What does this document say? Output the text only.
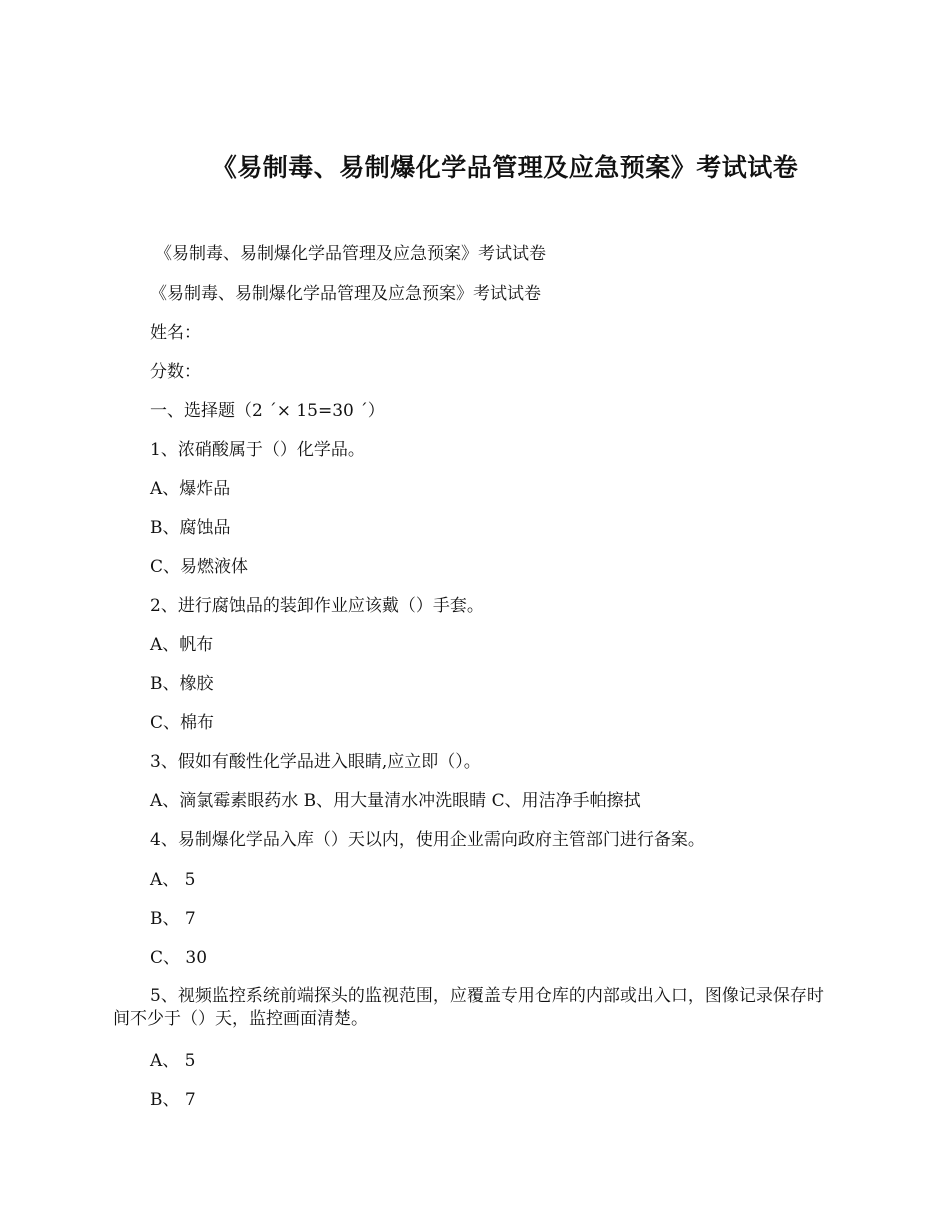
《易制毒、易制爆化学品管理及应急预案》考试试卷
《易制毒、易制爆化学品管理及应急预案》考试试卷
《易制毒、易制爆化学品管理及应急预案》考试试卷
姓名：
分数：
一、选择题（2 ´× 15=30 ´）
1、浓硝酸属于（）化学品。
A、爆炸品
B、腐蚀品
C、易燃液体
2、进行腐蚀品的装卸作业应该戴（）手套。
A、帆布
B、橡胶
C、棉布
3、假如有酸性化学品进入眼睛,应立即（）。
A、滴氯霉素眼药水 B、用大量清水冲洗眼睛 C、用洁净手帕擦拭
4、易制爆化学品入库（）天以内，使用企业需向政府主管部门进行备案。
A、 5
B、 7
C、 30
5、视频监控系统前端探头的监视范围，应覆盖专用仓库的内部或出入口，图像记录保存时间不少于（）天，监控画面清楚。
A、 5
B、 7
